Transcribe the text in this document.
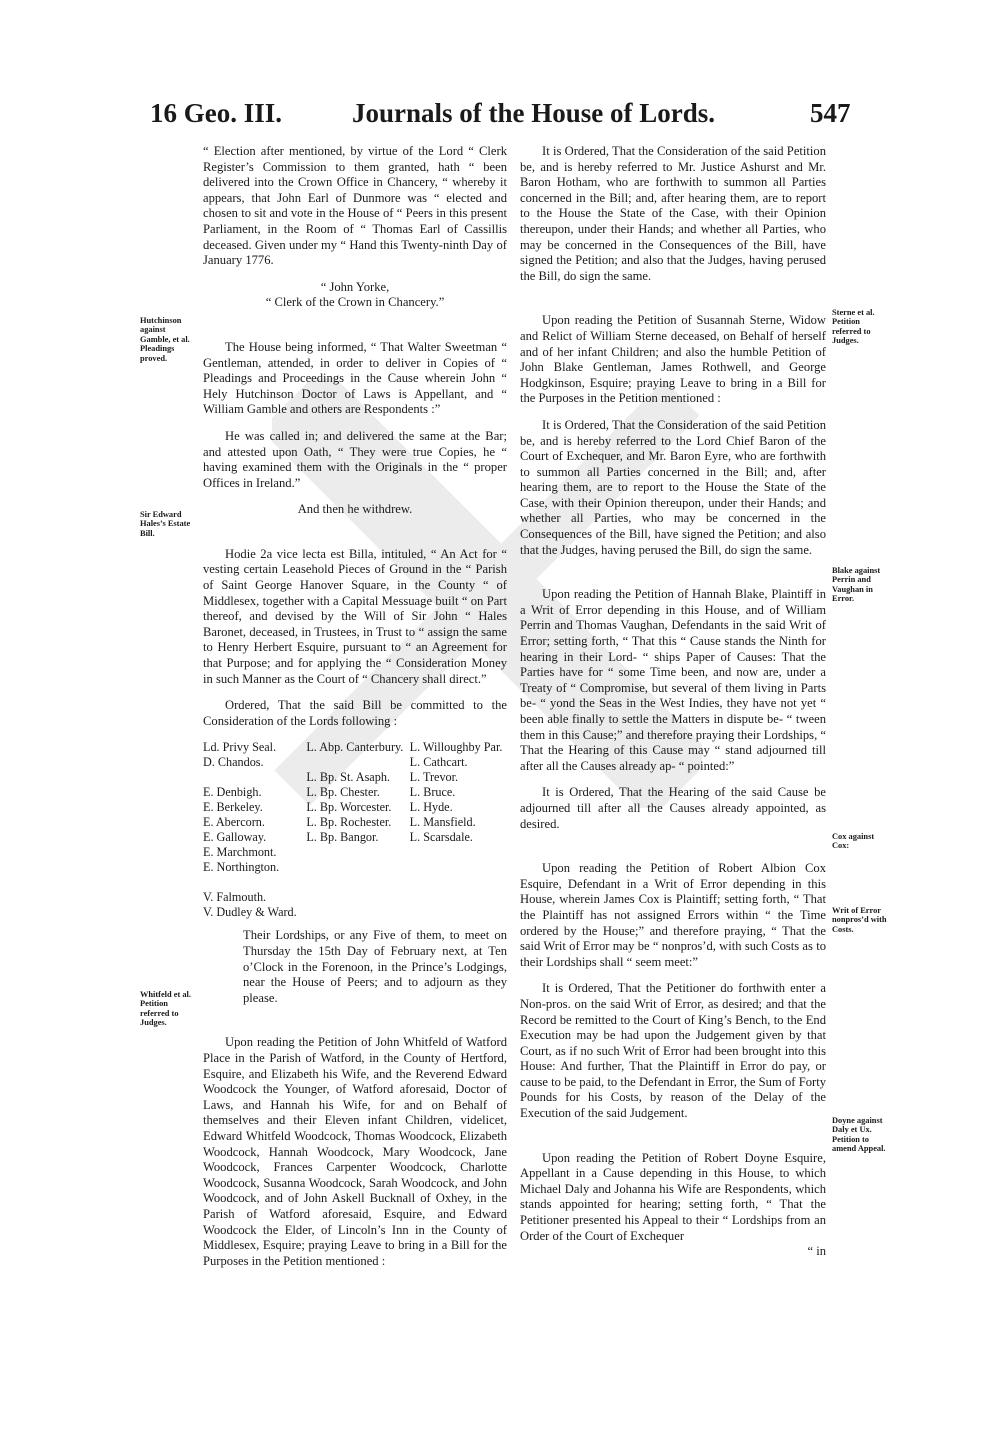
16 Geo. III.	Journals of the House of Lords.	547

“ Election after mentioned, by virtue of the Lord “ Clerk Register’s Commission to them granted, hath “ been delivered into the Crown Office in Chancery, “ whereby it appears, that John Earl of Dunmore was “ elected and chosen to sit and vote in the House of “ Peers in this present Parliament, in the Room of “ Thomas Earl of Cassillis deceased. Given under my “ Hand this Twenty-ninth Day of January 1776.

“ John Yorke,

“ Clerk of the Crown in Chancery.”

The House being informed, “ That Walter Sweetman “ Gentleman, attended, in order to deliver in Copies of “ Pleadings and Proceedings in the Cause wherein John “ Hely Hutchinson Doctor of Laws is Appellant, and “ William Gamble and others are Respondents :”

He was called in; and delivered the same at the Bar; and attested upon Oath, “ They were true Copies, he “ having examined them with the Originals in the “ proper Offices in Ireland.”

And then he withdrew.

Hodie 2a vice lecta est Billa, intituled, “ An Act for “ vesting certain Leasehold Pieces of Ground in the “ Parish of Saint George Hanover Square, in the County “ of Middlesex, together with a Capital Messuage built “ on Part thereof, and devised by the Will of Sir John “ Hales Baronet, deceased, in Trustees, in Trust to “ assign the same to Henry Herbert Esquire, pursuant to “ an Agreement for that Purpose; and for applying the “ Consideration Money in such Manner as the Court of “ Chancery shall direct.”

Ordered, That the said Bill be committed to the Consideration of the Lords following :

Ld. Privy Seal.
D. Chandos.

E. Denbigh.
E. Berkeley.
E. Abercorn.
E. Galloway.
E. Marchmont.
E. Northington.

V. Falmouth.
V. Dudley & Ward.
L. Abp. Canterbury.

L. Bp. St. Asaph.
L. Bp. Chester.
L. Bp. Worcester.
L. Bp. Rochester.
L. Bp. Bangor.
L. Willoughby Par.
L. Cathcart.
L. Trevor.
L. Bruce.
L. Hyde.
L. Mansfield.
L. Scarsdale.

Their Lordships, or any Five of them, to meet on Thursday the 15th Day of February next, at Ten o’Clock in the Forenoon, in the Prince’s Lodgings, near the House of Peers; and to adjourn as they please.

Upon reading the Petition of John Whitfeld of Watford Place in the Parish of Watford, in the County of Hertford, Esquire, and Elizabeth his Wife, and the Reverend Edward Woodcock the Younger, of Watford aforesaid, Doctor of Laws, and Hannah his Wife, for and on Behalf of themselves and their Eleven infant Children, videlicet, Edward Whitfeld Woodcock, Thomas Woodcock, Elizabeth Woodcock, Hannah Woodcock, Mary Woodcock, Jane Woodcock, Frances Carpenter Woodcock, Charlotte Woodcock, Susanna Woodcock, Sarah Woodcock, and John Woodcock, and of John Askell Bucknall of Oxhey, in the Parish of Watford aforesaid, Esquire, and Edward Woodcock the Elder, of Lincoln’s Inn in the County of Middlesex, Esquire; praying Leave to bring in a Bill for the Purposes in the Petition mentioned :

It is Ordered, That the Consideration of the said Petition be, and is hereby referred to Mr. Justice Ashurst and Mr. Baron Hotham, who are forthwith to summon all Parties concerned in the Bill; and, after hearing them, are to report to the House the State of the Case, with their Opinion thereupon, under their Hands; and whether all Parties, who may be concerned in the Consequences of the Bill, have signed the Petition; and also that the Judges, having perused the Bill, do sign the same.

Upon reading the Petition of Susannah Sterne, Widow and Relict of William Sterne deceased, on Behalf of herself and of her infant Children; and also the humble Petition of John Blake Gentleman, James Rothwell, and George Hodgkinson, Esquire; praying Leave to bring in a Bill for the Purposes in the Petition mentioned :

It is Ordered, That the Consideration of the said Petition be, and is hereby referred to the Lord Chief Baron of the Court of Exchequer, and Mr. Baron Eyre, who are forthwith to summon all Parties concerned in the Bill; and, after hearing them, are to report to the House the State of the Case, with their Opinion thereupon, under their Hands; and whether all Parties, who may be concerned in the Consequences of the Bill, have signed the Petition; and also that the Judges, having perused the Bill, do sign the same.

Upon reading the Petition of Hannah Blake, Plaintiff in a Writ of Error depending in this House, and of William Perrin and Thomas Vaughan, Defendants in the said Writ of Error; setting forth, “ That this “ Cause stands the Ninth for hearing in their Lord- “ ships Paper of Causes: That the Parties have for “ some Time been, and now are, under a Treaty of “ Compromise, but several of them living in Parts be- “ yond the Seas in the West Indies, they have not yet “ been able finally to settle the Matters in dispute be- “ tween them in this Cause;” and therefore praying their Lordships, “ That the Hearing of this Cause may “ stand adjourned till after all the Causes already ap- “ pointed:”

It is Ordered, That the Hearing of the said Cause be adjourned till after all the Causes already appointed, as desired.

Upon reading the Petition of Robert Albion Cox Esquire, Defendant in a Writ of Error depending in this House, wherein James Cox is Plaintiff; setting forth, “ That the Plaintiff has not assigned Errors within “ the Time ordered by the House;” and therefore praying, “ That the said Writ of Error may be “ nonpros’d, with such Costs as to their Lordships shall “ seem meet:”

It is Ordered, That the Petitioner do forthwith enter a Non-pros. on the said Writ of Error, as desired; and that the Record be remitted to the Court of King’s Bench, to the End Execution may be had upon the Judgement given by that Court, as if no such Writ of Error had been brought into this House: And further, That the Plaintiff in Error do pay, or cause to be paid, to the Defendant in Error, the Sum of Forty Pounds for his Costs, by reason of the Delay of the Execution of the said Judgement.

Upon reading the Petition of Robert Doyne Esquire, Appellant in a Cause depending in this House, to which Michael Daly and Johanna his Wife are Respondents, which stands appointed for hearing; setting forth, “ That the Petitioner presented his Appeal to their “ Lordships from an Order of the Court of Exchequer

“ in

Hutchinson against Gamble, et al. Pleadings proved.
Sir Edward Hales’s Estate Bill.
Whitfeld et al. Petition referred to Judges.
Sterne et al. Petition referred to Judges.
Blake against Perrin and Vaughan in Error.
Cox against Cox:
Writ of Error nonpros’d with Costs.
Doyne against Daly et Ux. Petition to amend Appeal.
